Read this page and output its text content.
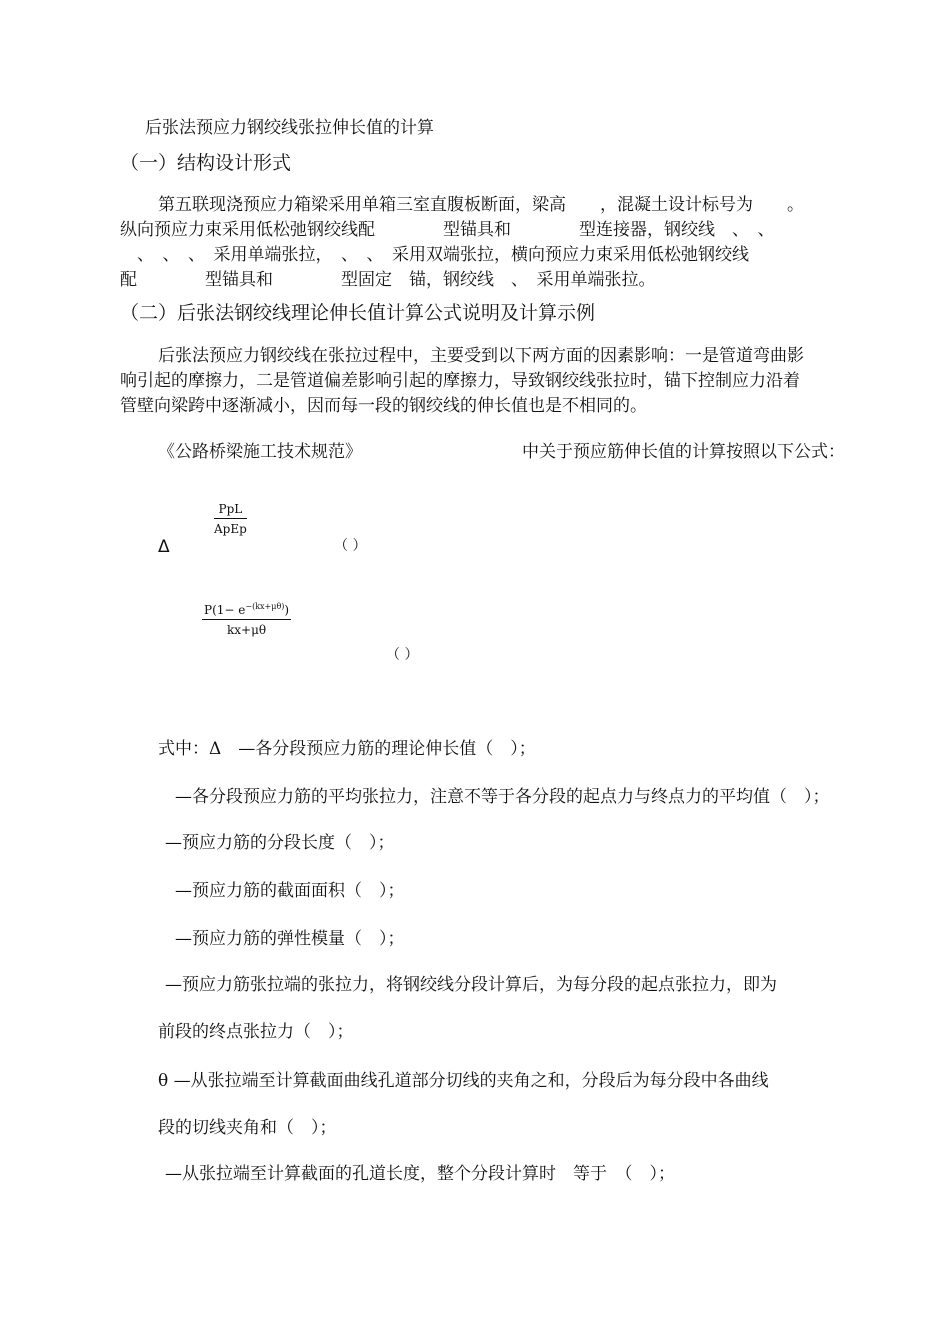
后张法预应力钢绞线张拉伸长值的计算
（一）结构设计形式
第五联现浇预应力箱梁采用单箱三室直腹板断面，梁高　　，混凝土设计标号为　　。
纵向预应力束采用低松弛钢绞线配　　　　型锚具和　　　　型连接器，钢绞线　、　、
　、　、　、　采用单端张拉，　、　、　采用双端张拉，横向预应力束采用低松弛钢绞线
配　　　　型锚具和　　　　型固定　锚，钢绞线　、　采用单端张拉。
（二）后张法钢绞线理论伸长值计算公式说明及计算示例
后张法预应力钢绞线在张拉过程中，主要受到以下两方面的因素影响：一是管道弯曲影
响引起的摩擦力，二是管道偏差影响引起的摩擦力，导致钢绞线张拉时，锚下控制应力沿着
管壁向梁跨中逐渐减小，因而每一段的钢绞线的伸长值也是不相同的。
《公路桥梁施工技术规范》	中关于预应筋伸长值的计算按照以下公式：
Δ
PpL
ApEp
（ ）
$\frac{P(1- e^{-(kx+\mu\theta)})}{kx+\mu\theta}$
（ ）
式中：Δ　—各分段预应力筋的理论伸长值（　）；
—各分段预应力筋的平均张拉力，注意不等于各分段的起点力与终点力的平均值（　）；
—预应力筋的分段长度（　）；
—预应力筋的截面面积（　）；
—预应力筋的弹性模量（　）；
—预应力筋张拉端的张拉力，将钢绞线分段计算后，为每分段的起点张拉力，即为
前段的终点张拉力（　）；
θ —从张拉端至计算截面曲线孔道部分切线的夹角之和，分段后为每分段中各曲线
段的切线夹角和（　）；
—从张拉端至计算截面的孔道长度，整个分段计算时　等于　（　）；
